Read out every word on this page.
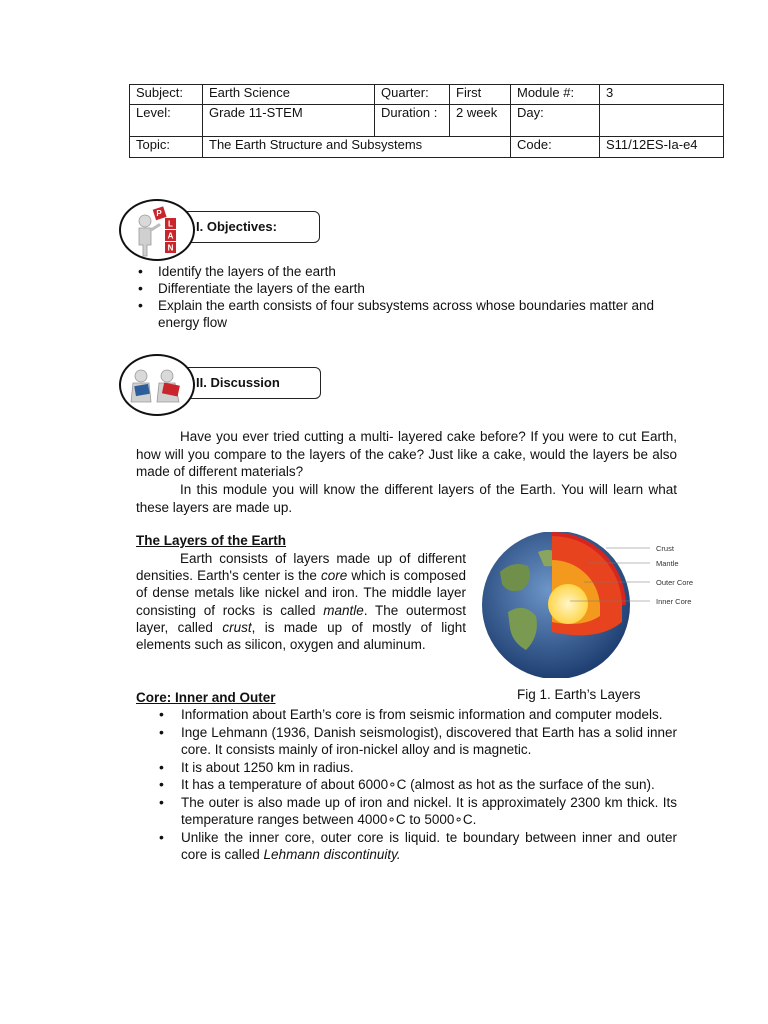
Subject:	Earth Science	Quarter:	First	Module #:	3
Level:	Grade 11-STEM	Duration :	2 week	Day:	
Topic:	The Earth Structure and Subsystems			Code:	S11/12ES-Ia-e4
I. Objectives:
P
L
A
N
• Identify the layers of the earth
• Differentiate the layers of the earth
• Explain the earth consists of four subsystems across whose boundaries matter and energy flow
II. Discussion

Have you ever tried cutting a multi- layered cake before? If you were to cut Earth, how will you compare to the layers of the cake? Just like a cake, would the layers be also made of different materials?

In this module you will know the different layers of the Earth. You will learn what these layers are made up.

The Layers of the Earth

Earth consists of layers made up of different densities. Earth's center is the core which is composed of dense metals like nickel and iron. The middle layer consisting of rocks is called mantle. The outermost layer, called crust, is made up of mostly of light elements such as silicon, oxygen and aluminum.

Crust
Mantle
Outer Core
Inner Core
Fig 1. Earth’s Layers
Core: Inner and Outer
• Information about Earth’s core is from seismic information and computer models.
• Inge Lehmann (1936, Danish seismologist), discovered that Earth has a solid inner core. It consists mainly of iron-nickel alloy and is magnetic.
• It is about 1250 km in radius.
• It has a temperature of about 6000∘C (almost as hot as the surface of the sun).
• The outer is also made up of iron and nickel. It is approximately 2300 km thick. Its temperature ranges between 4000∘C to 5000∘C.
• Unlike the inner core, outer core is liquid. te boundary between inner and outer core is called Lehmann discontinuity.
